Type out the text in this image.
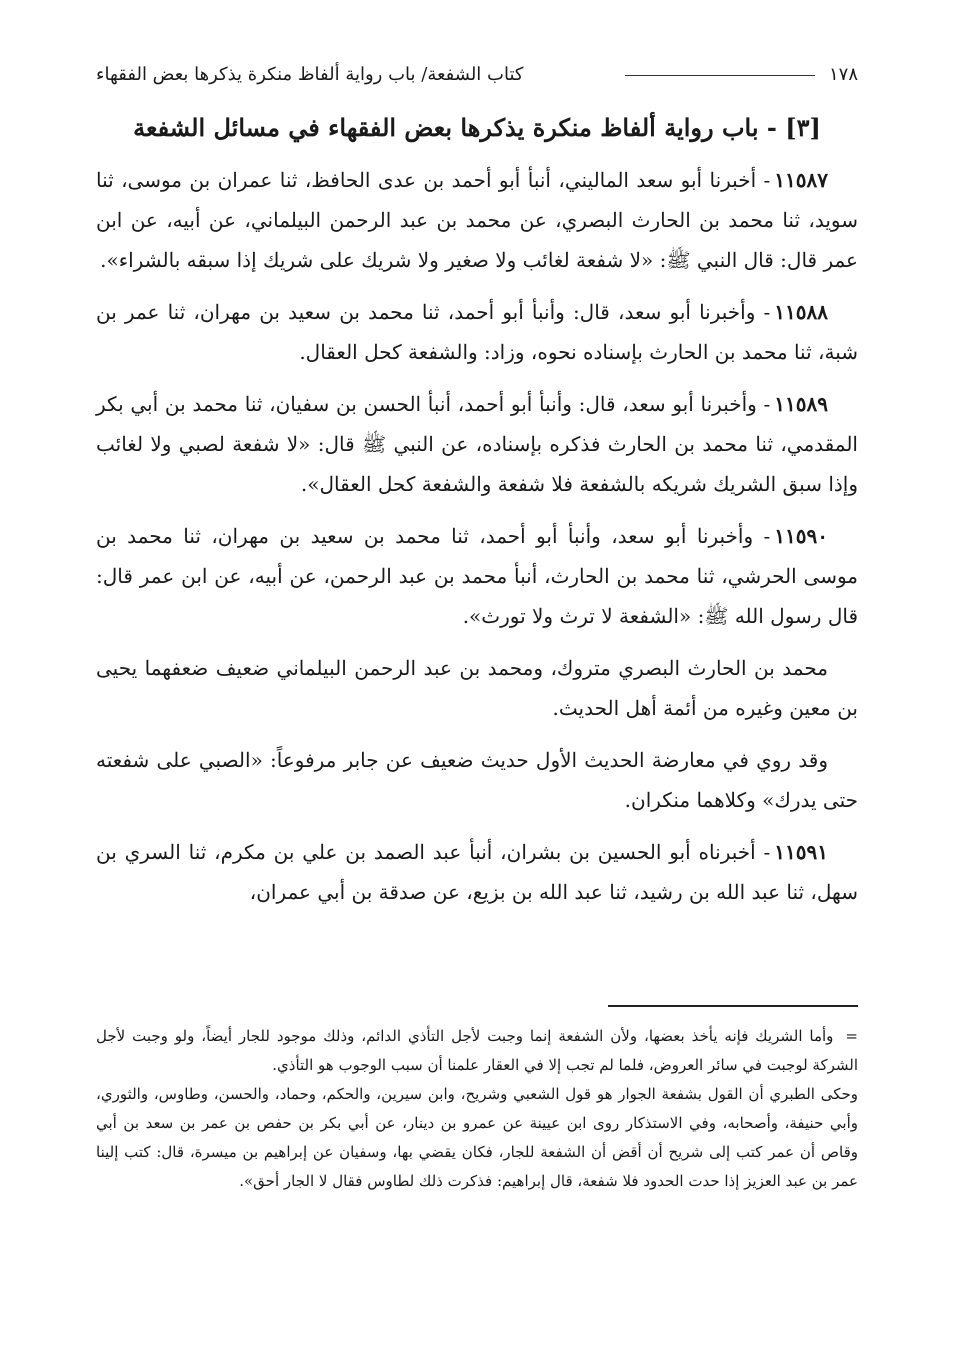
١٧٨
كتاب الشفعة/ باب رواية ألفاظ منكرة يذكرها بعض الفقهاء
[٣] - باب رواية ألفاظ منكرة يذكرها بعض الفقهاء في مسائل الشفعة

١١٥٨٧- أخبرنا أبو سعد الماليني، أنبأ أبو أحمد بن عدى الحافظ، ثنا عمران بن موسى، ثنا سويد، ثنا محمد بن الحارث البصري، عن محمد بن عبد الرحمن البيلماني، عن أبيه، عن ابن عمر قال: قال النبي ﷺ: «لا شفعة لغائب ولا صغير ولا شريك على شريك إذا سبقه بالشراء».

١١٥٨٨- وأخبرنا أبو سعد، قال: وأنبأ أبو أحمد، ثنا محمد بن سعيد بن مهران، ثنا عمر بن شبة، ثنا محمد بن الحارث بإسناده نحوه، وزاد: والشفعة كحل العقال.

١١٥٨٩- وأخبرنا أبو سعد، قال: وأنبأ أبو أحمد، أنبأ الحسن بن سفيان، ثنا محمد بن أبي بكر المقدمي، ثنا محمد بن الحارث فذكره بإسناده، عن النبي ﷺ قال: «لا شفعة لصبي ولا لغائب وإذا سبق الشريك شريكه بالشفعة فلا شفعة والشفعة كحل العقال».

١١٥٩٠- وأخبرنا أبو سعد، وأنبأ أبو أحمد، ثنا محمد بن سعيد بن مهران، ثنا محمد بن موسى الحرشي، ثنا محمد بن الحارث، أنبأ محمد بن عبد الرحمن، عن أبيه، عن ابن عمر قال: قال رسول الله ﷺ: «الشفعة لا ترث ولا تورث».

محمد بن الحارث البصري متروك، ومحمد بن عبد الرحمن البيلماني ضعيف ضعفهما يحيى بن معين وغيره من أئمة أهل الحديث.

وقد روي في معارضة الحديث الأول حديث ضعيف عن جابر مرفوعاً: «الصبي على شفعته حتى يدرك» وكلاهما منكران.

١١٥٩١- أخبرناه أبو الحسين بن بشران، أنبأ عبد الصمد بن علي بن مكرم، ثنا السري بن سهل، ثنا عبد الله بن رشيد، ثنا عبد الله بن بزيع، عن صدقة بن أبي عمران،

=وأما الشريك فإنه يأخذ بعضها، ولأن الشفعة إنما وجبت لأجل التأذي الدائم، وذلك موجود للجار أيضاً، ولو وجبت لأجل الشركة لوجبت في سائر العروض، فلما لم تجب إلا في العقار علمنا أن سبب الوجوب هو التأذي.

وحكى الطبري أن القول بشفعة الجوار هو قول الشعبي وشريح، وابن سيرين، والحكم، وحماد، والحسن، وطاوس، والثوري، وأبي حنيفة، وأصحابه، وفي الاستذكار روى ابن عيينة عن عمرو بن دينار، عن أبي بكر بن حفص بن عمر بن سعد بن أبي وقاص أن عمر كتب إلى شريح أن أقض أن الشفعة للجار، فكان يقضي بها، وسفيان عن إبراهيم بن ميسرة، قال: كتب إلينا عمر بن عبد العزيز إذا حدت الحدود فلا شفعة، قال إبراهيم: فذكرت ذلك لطاوس فقال لا الجار أحق».
